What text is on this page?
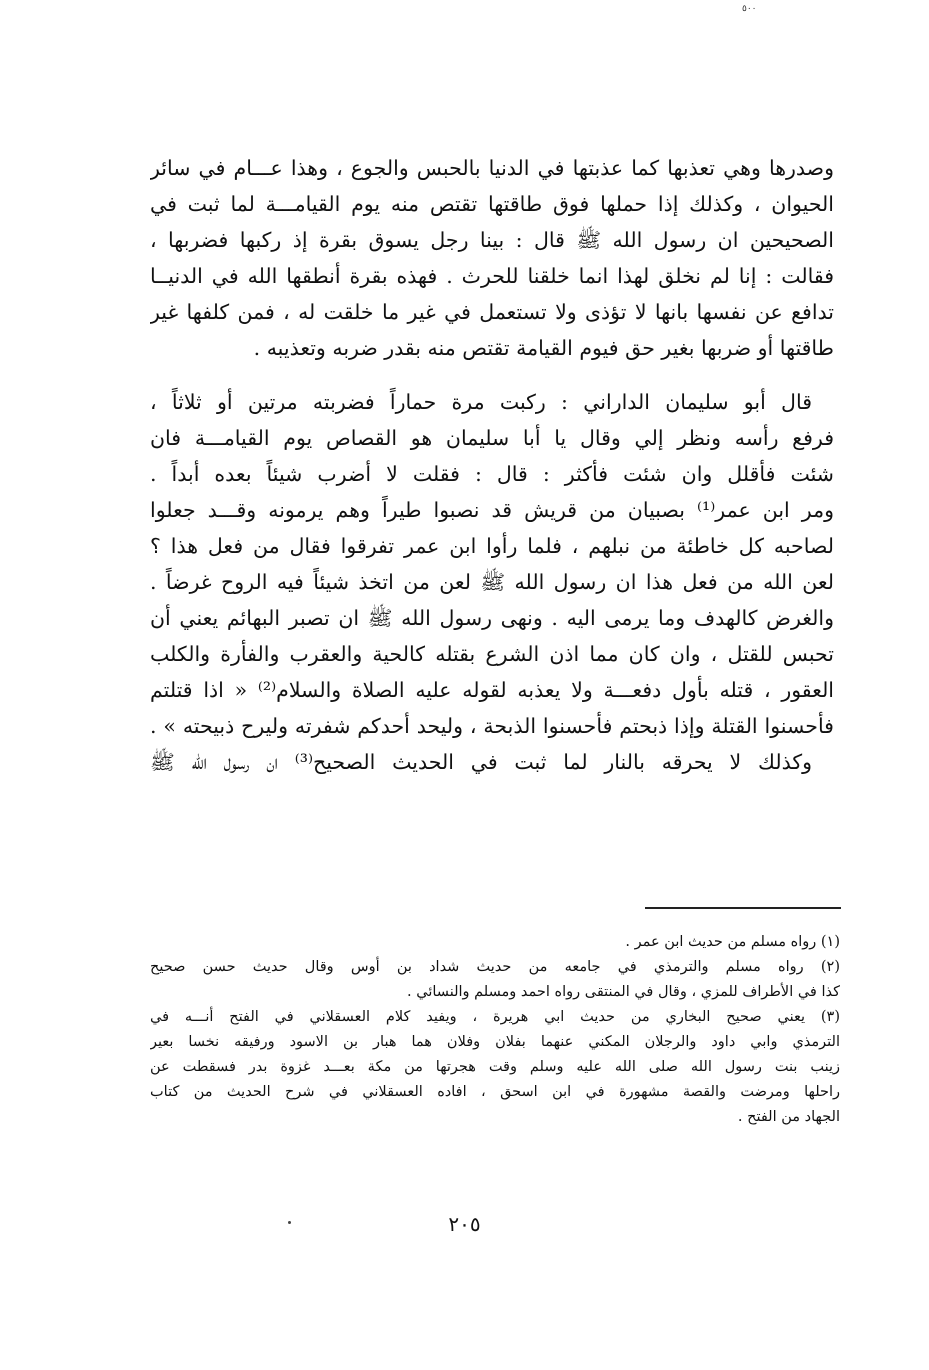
٥٠٠
وصدرها وهي تعذبها كما عذبتها في الدنيا بالحبس والجوع ، وهذا عـــام في سائر
الحيوان ، وكذلك إذا حملها فوق طاقتها تقتص منه يوم القيامـــة لما ثبت في
الصحيحين ان رسول الله ﷺ قال : بينا رجل يسوق بقرة إذ ركبها فضربها ،
فقالت : إنا لم نخلق لهذا انما خلقنا للحرث . فهذه بقرة أنطقها الله في الدنيــا
تدافع عن نفسها بانها لا تؤذى ولا تستعمل في غير ما خلقت له ، فمن كلفها غير
طاقتها أو ضربها بغير حق فيوم القيامة تقتص منه بقدر ضربه وتعذيبه .
قال أبو سليمان الداراني : ركبت مرة حماراً فضربته مرتين أو ثلاثاً ،
فرفع رأسه ونظر إلي وقال يا أبا سليمان هو القصاص يوم القيامـــة فان
شئت فأقلل وان شئت فأكثر : قال : فقلت لا أضرب شيئاً بعده أبداً .
ومر ابن عمر⁽¹⁾ بصبيان من قريش قد نصبوا طيراً وهم يرمونه وقـــد جعلوا
لصاحبه كل خاطئة من نبلهم ، فلما رأوا ابن عمر تفرقوا فقال من فعل هذا ؟
لعن الله من فعل هذا ان رسول الله ﷺ لعن من اتخذ شيئاً فيه الروح غرضاً .
والغرض كالهدف وما يرمى اليه . ونهى رسول الله ﷺ ان تصبر البهائم يعني أن
تحبس للقتل ، وان كان مما اذن الشرع بقتله كالحية والعقرب والفأرة والكلب
العقور ، قتله بأول دفعـــة ولا يعذبه لقوله عليه الصلاة والسلام⁽²⁾ « اذا قتلتم
فأحسنوا القتلة وإذا ذبحتم فأحسنوا الذبحة ، وليحد أحدكم شفرته وليرح ذبيحته » .
وكذلك لا يحرقه بالنار لما ثبت في الحديث الصحيح⁽³⁾ ان رسول الله ﷺ
(١) رواه مسلم من حديث ابن عمر .
(٢) رواه مسلم والترمذي في جامعه من حديث شداد بن أوس وقال حديث حسن صحيح
كذا في الأطراف للمزي ، وقال في المنتقى رواه احمد ومسلم والنسائي .
(٣) يعني صحيح البخاري من حديث ابي هريرة ، ويفيد كلام العسقلاني في الفتح أنـــه في
الترمذي وابي داود والرجلان المكني عنهما بفلان وفلان هما هبار بن الاسود ورفيقه نخسا بعير
زينب بنت رسول الله صلى الله عليه وسلم وقت هجرتها من مكة بعـــد غزوة بدر فسقطت عن
راحلها ومرضت والقصة مشهورة في ابن اسحق ، افاده العسقلاني في شرح الحديث من كتاب
الجهاد من الفتح .
٢٠٥
